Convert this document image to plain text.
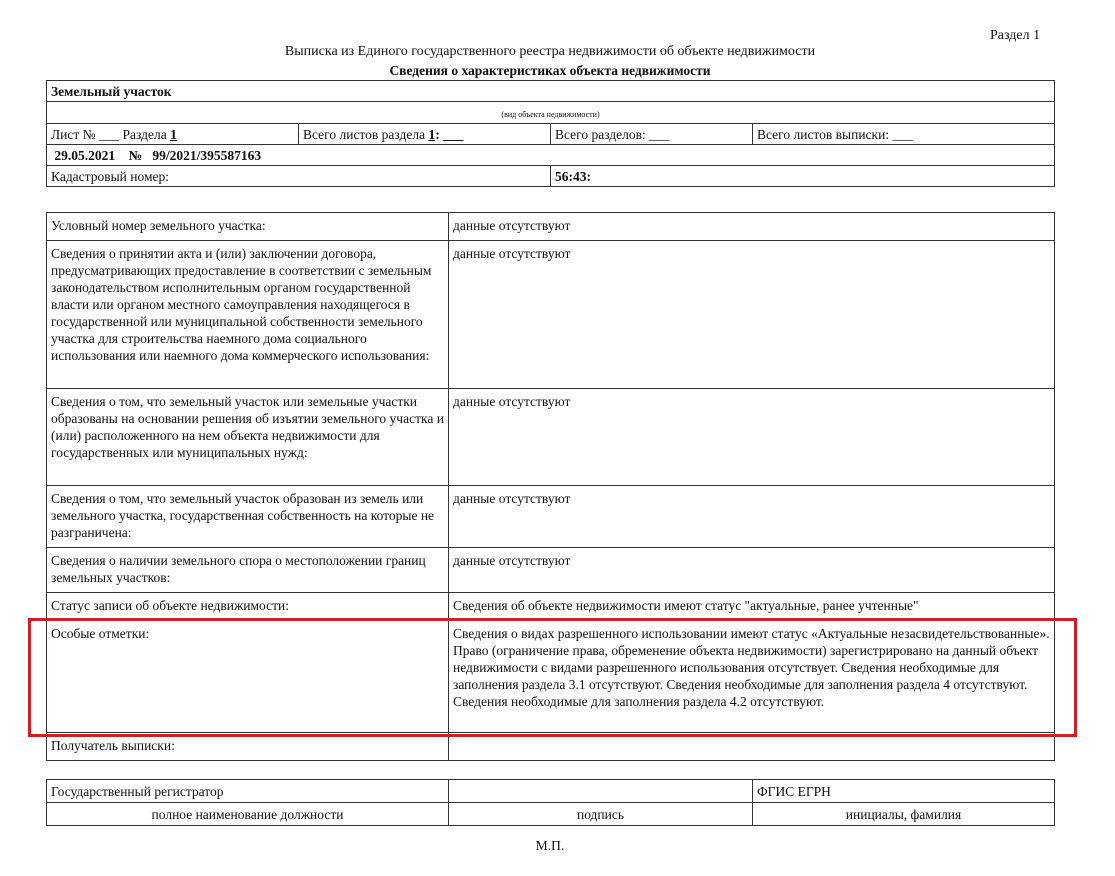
Раздел 1
Выписка из Единого государственного реестра недвижимости об объекте недвижимости
Сведения о характеристиках объекта недвижимости
Земельный участок			
(вид объекта недвижимости)			
Лист № ___ Раздела 1	Всего листов раздела 1: ___	Всего разделов: ___	Всего листов выписки: ___
29.05.2021 № 99/2021/395587163			
Кадастровый номер:		56:43:	
Условный номер земельного участка:	данные отсутствуют
Сведения о принятии акта и (или) заключении договора, предусматривающих предоставление в соответствии с земельным законодательством исполнительным органом государственной власти или органом местного самоуправления находящегося в государственной или муниципальной собственности земельного участка для строительства наемного дома социального использования или наемного дома коммерческого использования:	данные отсутствуют
Сведения о том, что земельный участок или земельные участки образованы на основании решения об изъятии земельного участка и (или) расположенного на нем объекта недвижимости для государственных или муниципальных нужд:	данные отсутствуют
Сведения о том, что земельный участок образован из земель или земельного участка, государственная собственность на которые не разграничена:	данные отсутствуют
Сведения о наличии земельного спора о местоположении границ земельных участков:	данные отсутствуют
Статус записи об объекте недвижимости:	Сведения об объекте недвижимости имеют статус "актуальные, ранее учтенные"
Особые отметки:	Сведения о видах разрешенного использовании имеют статус «Актуальные незасвидетельствованные». Право (ограничение права, обременение объекта недвижимости) зарегистрировано на данный объект недвижимости с видами разрешенного использования отсутствует. Сведения необходимые для заполнения раздела 3.1 отсутствуют. Сведения необходимые для заполнения раздела 4 отсутствуют. Сведения необходимые для заполнения раздела 4.2 отсутствуют.
Получатель выписки:	
Государственный регистратор		ФГИС ЕГРН
полное наименование должности	подпись	инициалы, фамилия
М.П.
